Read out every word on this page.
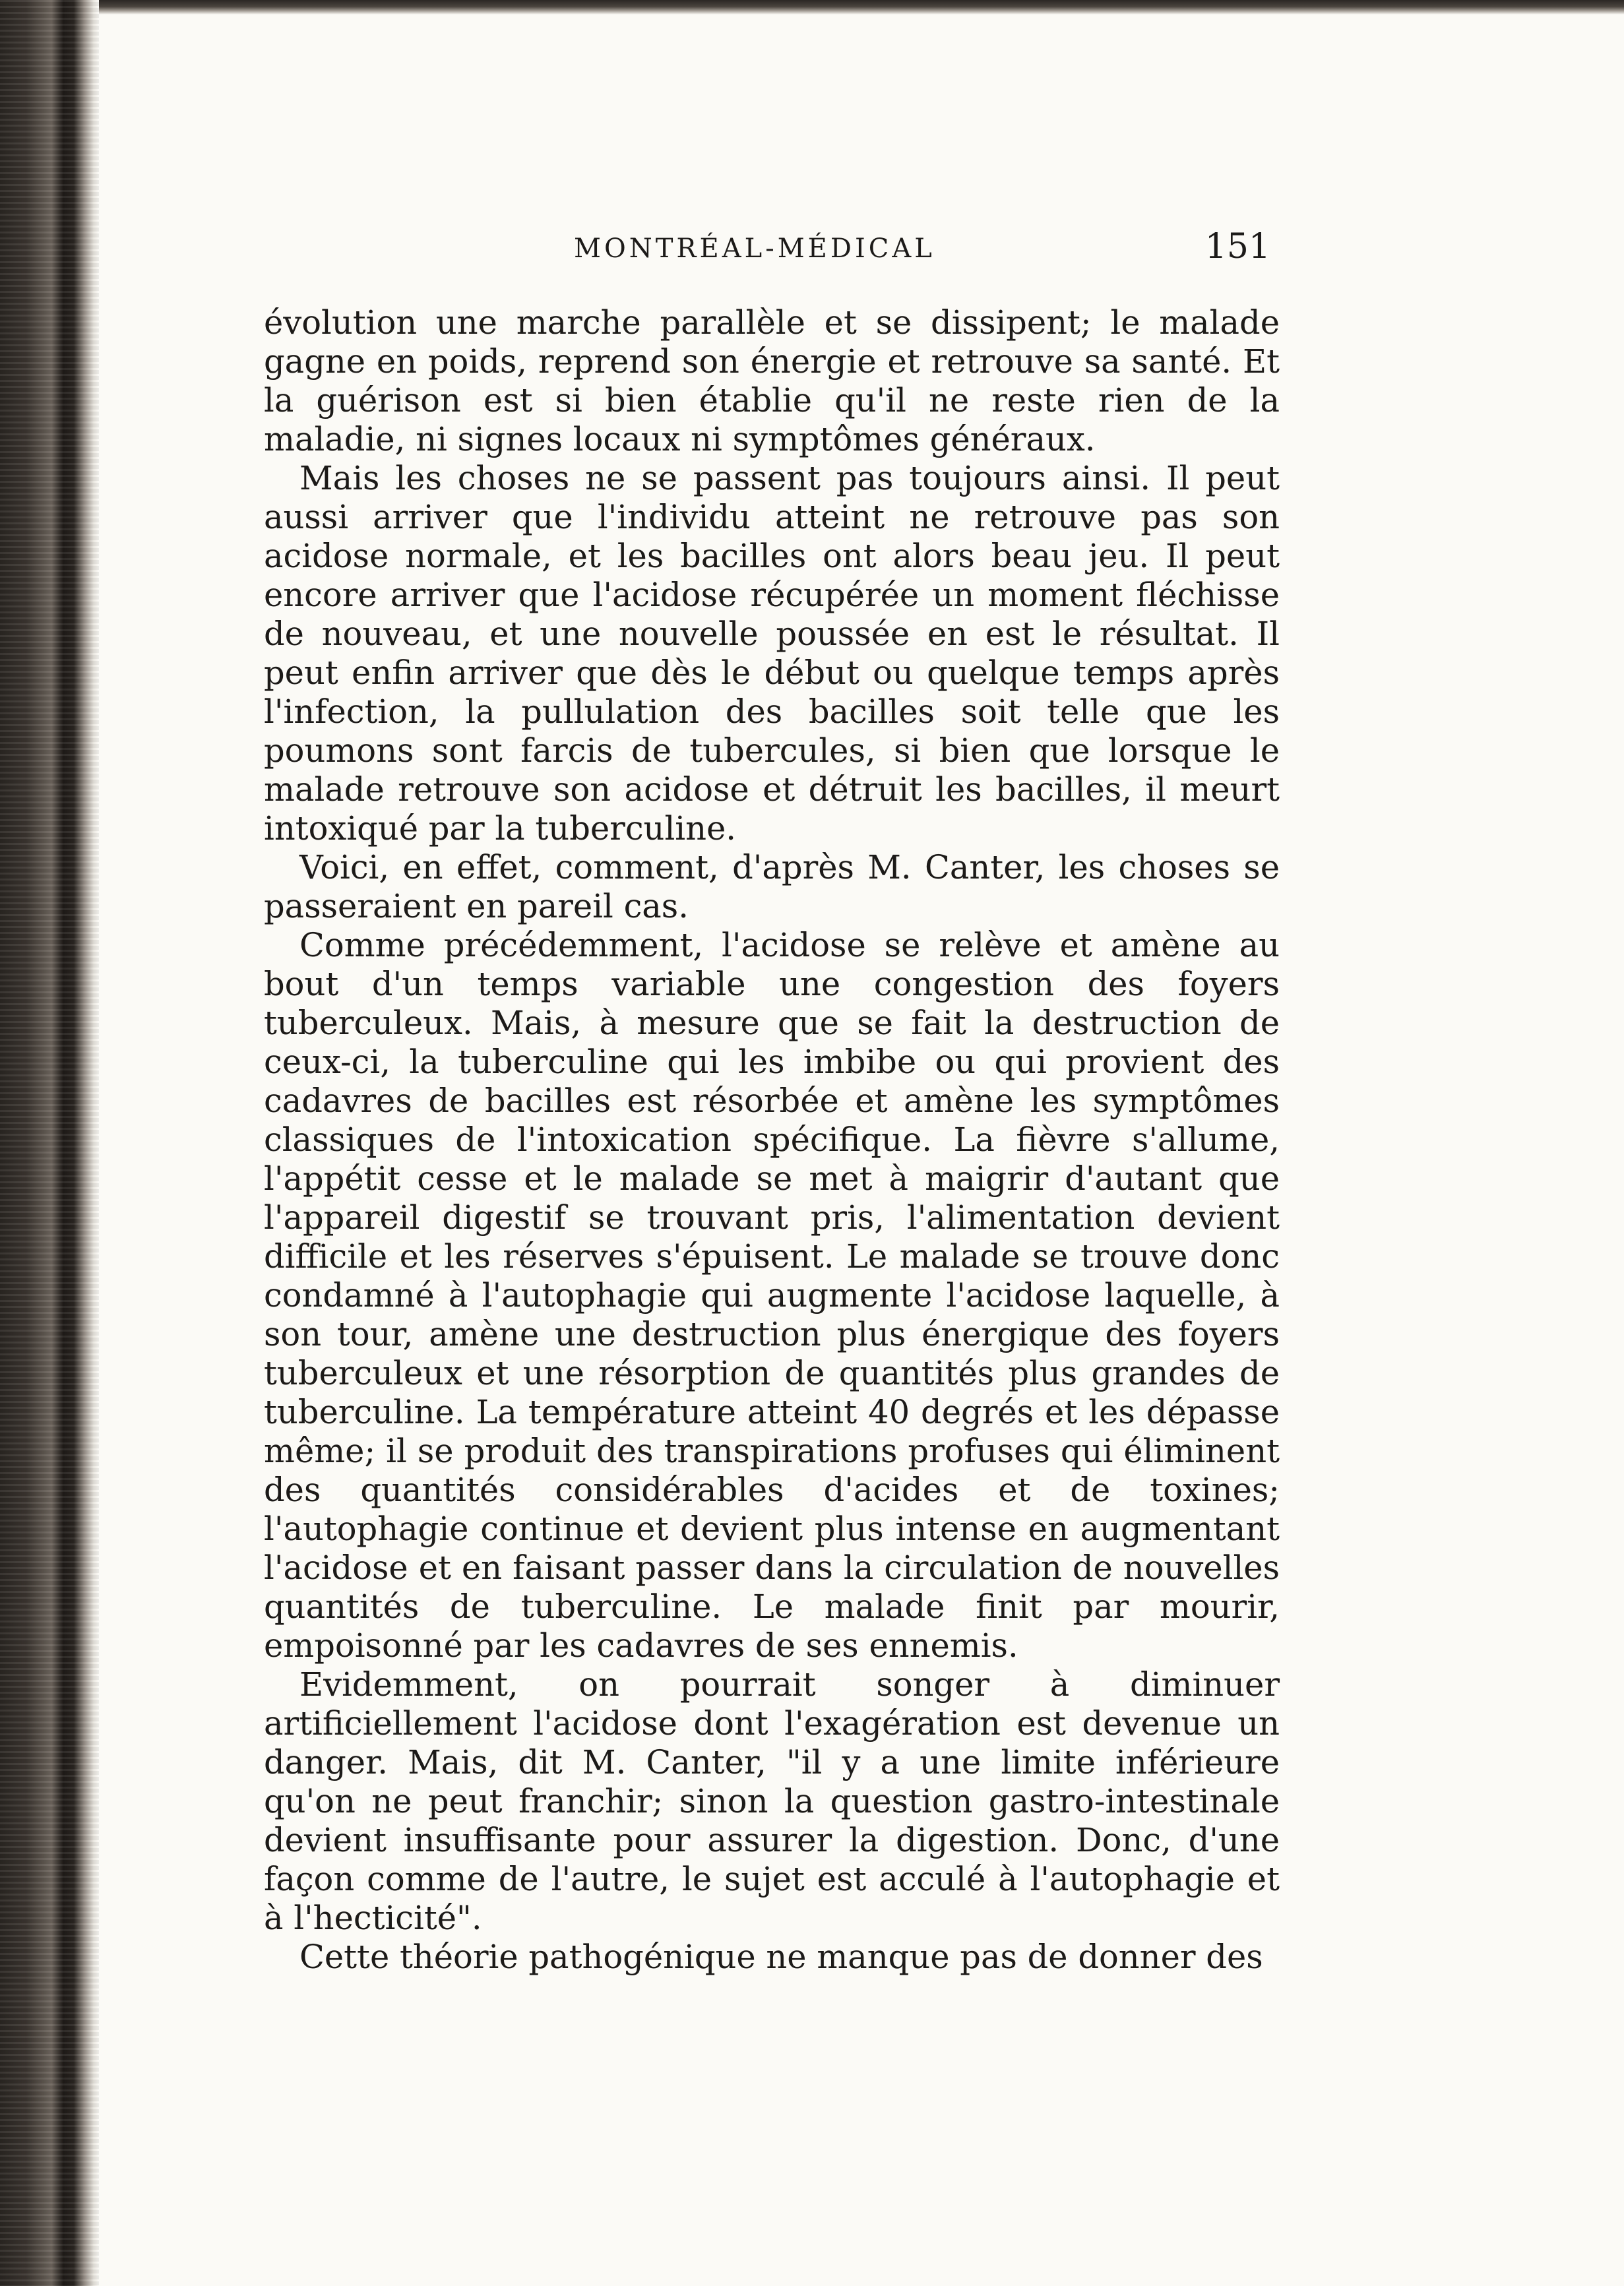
MONTRÉAL-MÉDICAL	151

évolution une marche parallèle et se dissipent; le malade gagne en poids, reprend son énergie et retrouve sa santé. Et la guérison est si bien établie qu'il ne reste rien de la maladie, ni signes locaux ni symptômes généraux.

Mais les choses ne se passent pas toujours ainsi. Il peut aussi arriver que l'individu atteint ne retrouve pas son acidose normale, et les bacilles ont alors beau jeu. Il peut encore arriver que l'acidose récupérée un moment fléchisse de nouveau, et une nouvelle poussée en est le résultat. Il peut enfin arriver que dès le début ou quelque temps après l'infection, la pullulation des bacilles soit telle que les poumons sont farcis de tubercules, si bien que lorsque le malade retrouve son acidose et détruit les bacilles, il meurt intoxiqué par la tuberculine.

Voici, en effet, comment, d'après M. Canter, les choses se passeraient en pareil cas.

Comme précédemment, l'acidose se relève et amène au bout d'un temps variable une congestion des foyers tuberculeux. Mais, à mesure que se fait la destruction de ceux-ci, la tuberculine qui les imbibe ou qui provient des cadavres de bacilles est résorbée et amène les symptômes classiques de l'intoxication spécifique. La fièvre s'allume, l'appétit cesse et le malade se met à maigrir d'autant que l'appareil digestif se trouvant pris, l'alimentation devient difficile et les réserves s'épuisent. Le malade se trouve donc condamné à l'autophagie qui augmente l'acidose laquelle, à son tour, amène une destruction plus énergique des foyers tuberculeux et une résorption de quantités plus grandes de tuberculine. La température atteint 40 degrés et les dépasse même; il se produit des transpirations profuses qui éliminent des quantités considérables d'acides et de toxines; l'autophagie continue et devient plus intense en augmentant l'acidose et en faisant passer dans la circulation de nouvelles quantités de tuberculine. Le malade finit par mourir, empoisonné par les cadavres de ses ennemis.

Evidemment, on pourrait songer à diminuer artificiellement l'acidose dont l'exagération est devenue un danger. Mais, dit M. Canter, "il y a une limite inférieure qu'on ne peut franchir; sinon la question gastro-intestinale devient insuffisante pour assurer la digestion. Donc, d'une façon comme de l'autre, le sujet est acculé à l'autophagie et à l'hecticité".

Cette théorie pathogénique ne manque pas de donner des
